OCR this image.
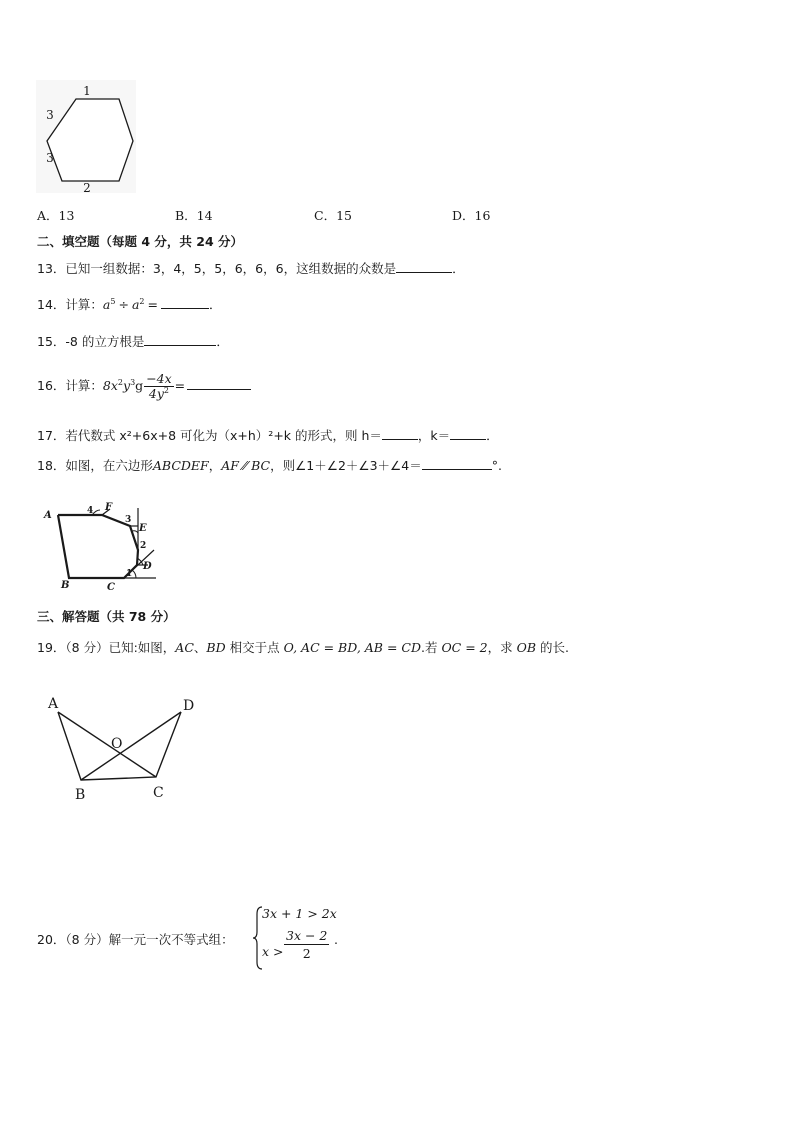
1
3
3
2
A．13	B．14	C．15	D．16
二、填空题（每题 4 分，共 24 分）
13．已知一组数据：3，4，5，5，6，6，6，这组数据的众数是	．
14．计算：$a^5 \div a^2$ =	．
15．-8 的立方根是	．
16．计算：$8x^2y^3g \frac{-4x}{4y^2}$ =
17．若代数式 x²+6x+8 可化为（x+h）²+k 的形式，则 h＝	，k＝	．
18．如图，在六边形ABCDEF，AF ⁄⁄ BC，则∠1＋∠2＋∠3＋∠4＝	°.
A
F
E
D
C
B
1
2
3
4
三、解答题（共 78 分）
19．（8 分）已知:如图，AC、BD 相交于点 O, AC = BD, AB = CD.若 OC = 2，求 OB 的长.
A	D
O
B	C
20．（8 分）解一元一次不等式组：
3x + 1 > 2x
$x > \frac{3x - 2}{2}$ .
